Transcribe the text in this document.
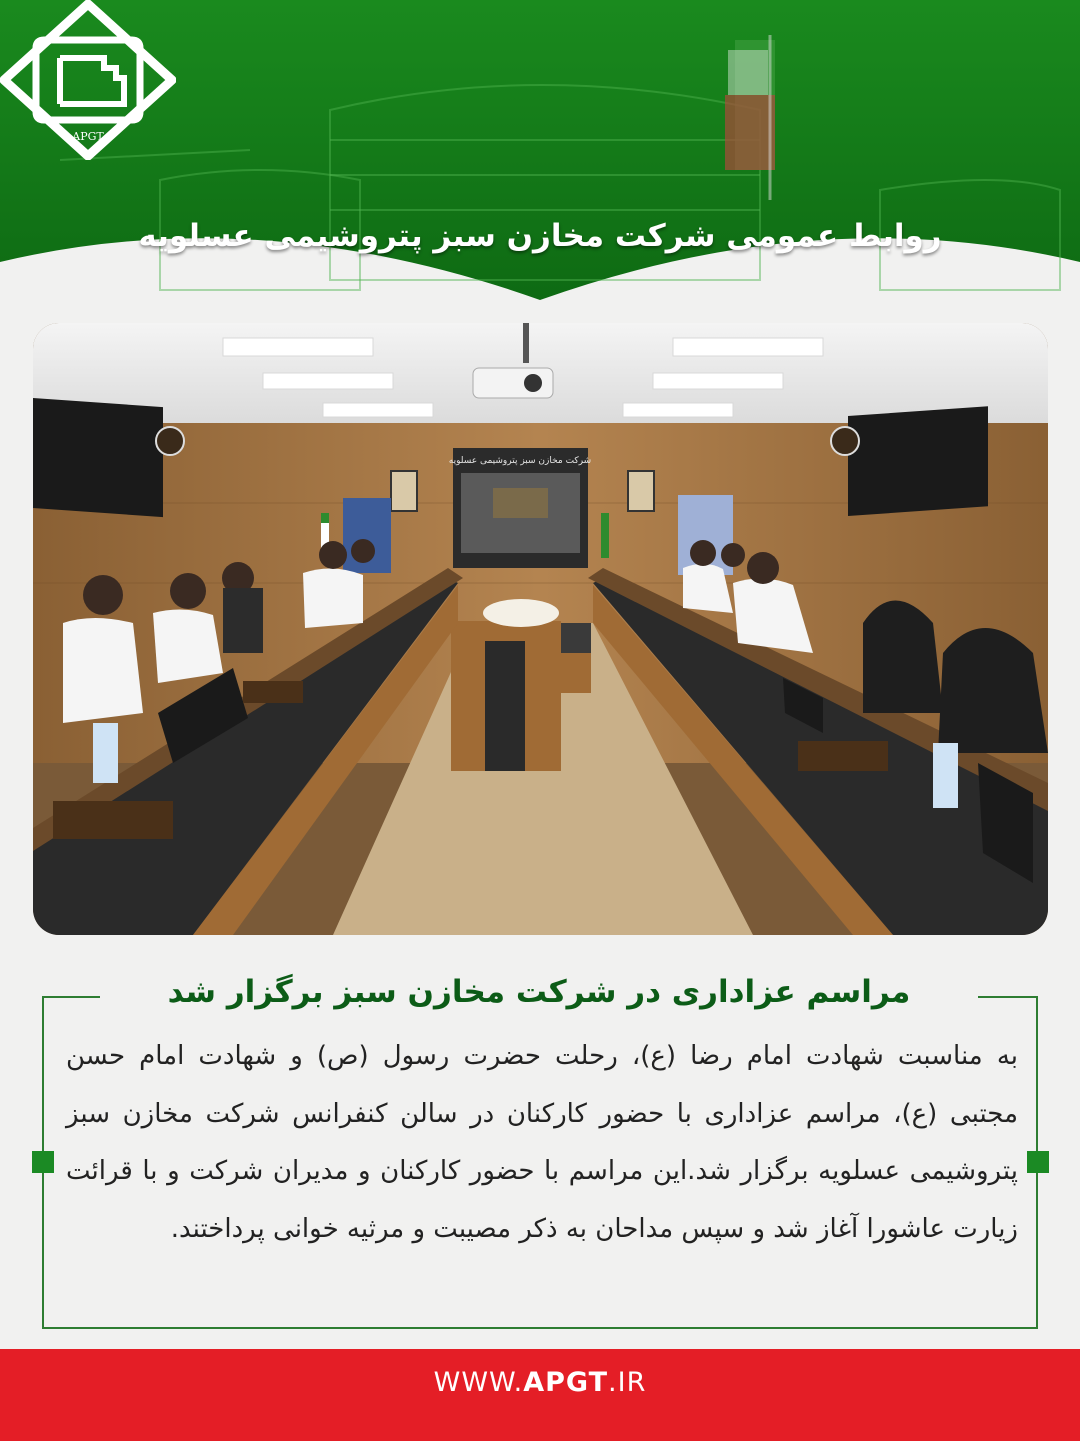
APGT
روابط عمومی شرکت مخازن سبز پتروشیمی عسلویه
شرکت مخازن سبز پتروشیمی عسلویه
مراسم عزاداری در شرکت مخازن سبز برگزار شد
به مناسبت شهادت امام رضا (ع)، رحلت حضرت رسول (ص) و شهادت امام حسن مجتبی (ع)، مراسم عزاداری با حضور کارکنان در سالن کنفرانس شرکت مخازن سبز پتروشیمی عسلویه برگزار شد.این مراسم با حضور کارکنان و مدیران شرکت و با قرائت زیارت عاشورا آغاز شد و سپس مداحان به ذکر مصیبت و مرثیه خوانی پرداختند.
WWW.APGT.IR
